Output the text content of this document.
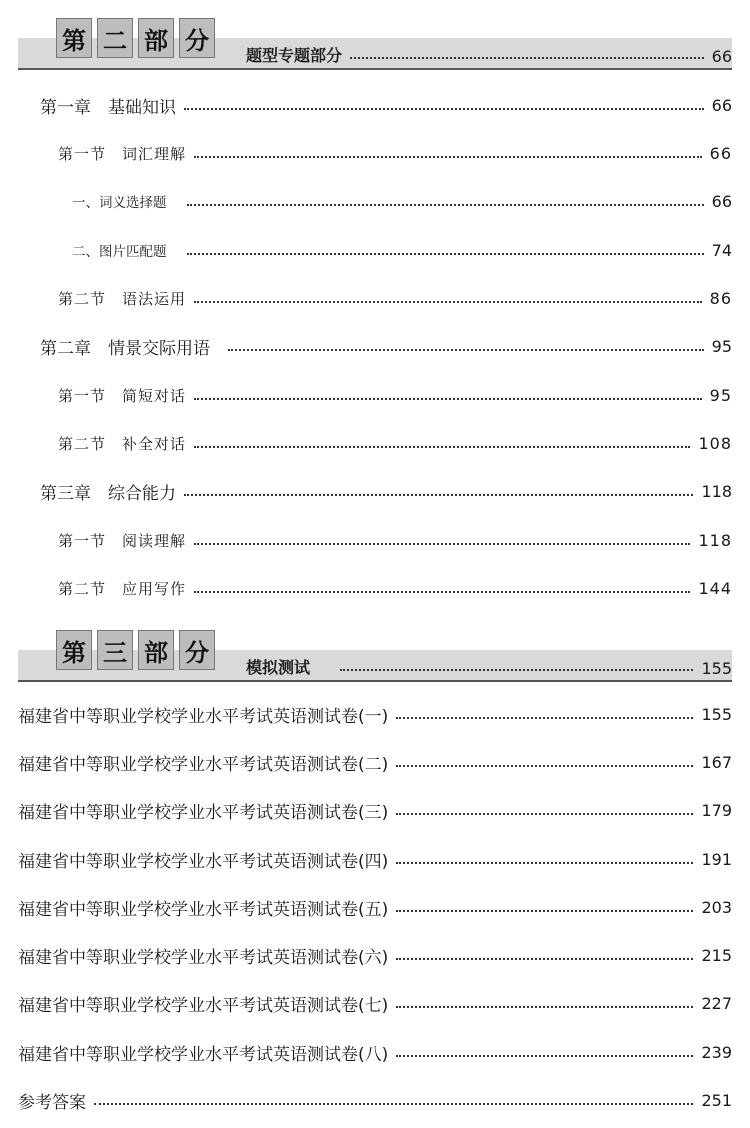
第 二 部 分
题型专题部分	66
第一章　基础知识	66
第一节　词汇理解	66
一、词义选择题	66
二、图片匹配题	74
第二节　语法运用	86
第二章　情景交际用语	95
第一节　简短对话	95
第二节　补全对话	108
第三章　综合能力	118
第一节　阅读理解	118
第二节　应用写作	144
第 三 部 分
模拟测试	155
福建省中等职业学校学业水平考试英语测试卷(一)	155
福建省中等职业学校学业水平考试英语测试卷(二)	167
福建省中等职业学校学业水平考试英语测试卷(三)	179
福建省中等职业学校学业水平考试英语测试卷(四)	191
福建省中等职业学校学业水平考试英语测试卷(五)	203
福建省中等职业学校学业水平考试英语测试卷(六)	215
福建省中等职业学校学业水平考试英语测试卷(七)	227
福建省中等职业学校学业水平考试英语测试卷(八)	239
参考答案	251
